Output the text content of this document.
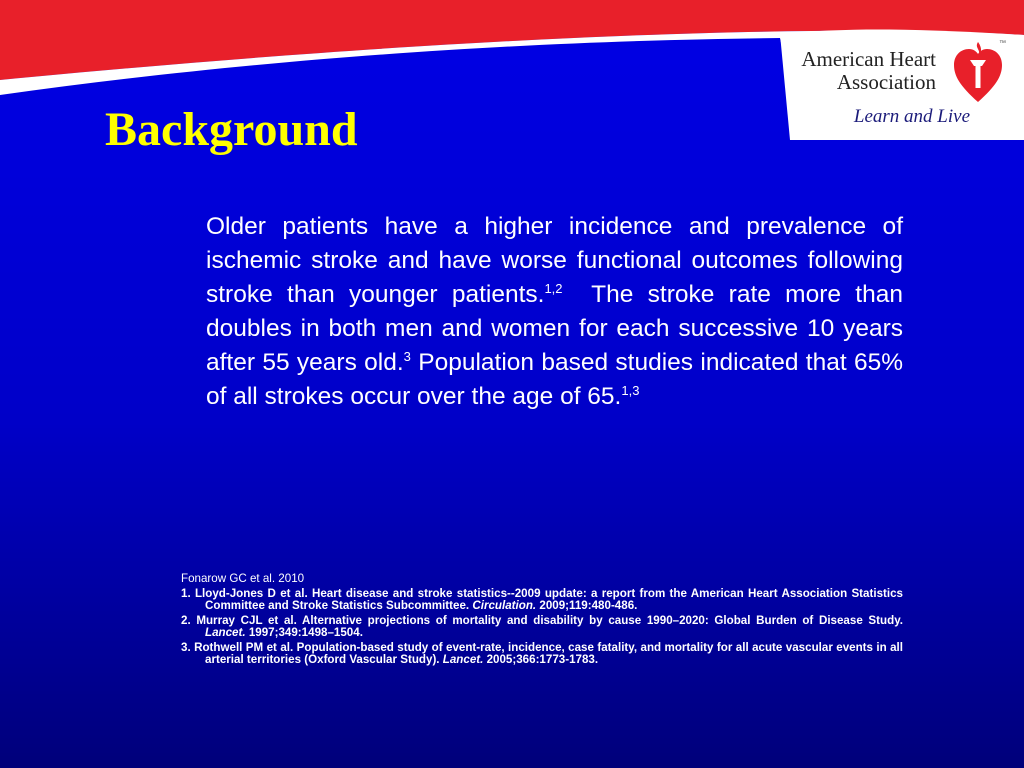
American Heart
Association
™
Learn and Live
Background

Older patients have a higher incidence and prevalence of ischemic stroke and have worse functional outcomes following stroke than younger patients.$^{1,2}$ The stroke rate more than doubles in both men and women for each successive 10 years after 55 years old.$^3$ Population based studies indicated that 65% of all strokes occur over the age of 65.$^{1,3}$

Fonarow GC et al. 2010
1. Lloyd-Jones D et al. Heart disease and stroke statistics--2009 update: a report from the American Heart Association Statistics Committee and Stroke Statistics Subcommittee. Circulation. 2009;119:480-486.
2. Murray CJL et al. Alternative projections of mortality and disability by cause 1990–2020: Global Burden of Disease Study. Lancet. 1997;349:1498–1504.
3. Rothwell PM et al. Population-based study of event-rate, incidence, case fatality, and mortality for all acute vascular events in all arterial territories (Oxford Vascular Study). Lancet. 2005;366:1773-1783.
